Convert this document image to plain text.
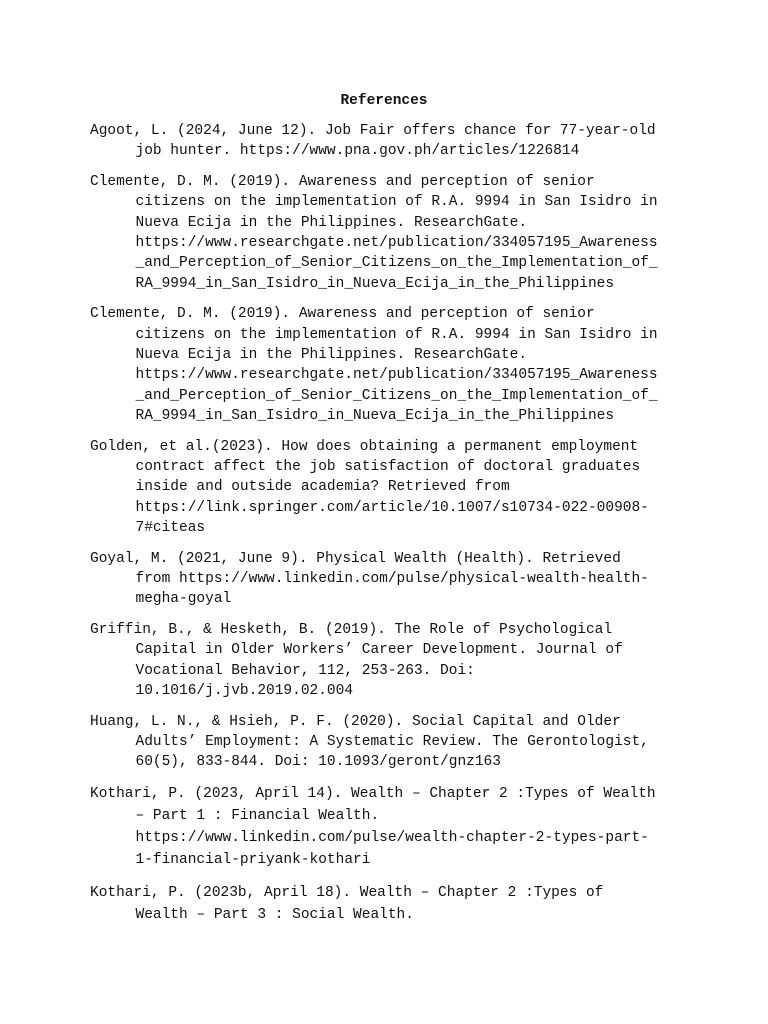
References
Agoot, L. (2024, June 12). Job Fair offers chance for 77-year-old
job hunter. https://www.pna.gov.ph/articles/1226814
Clemente, D. M. (2019). Awareness and perception of senior
citizens on the implementation of R.A. 9994 in San Isidro in
Nueva Ecija in the Philippines. ResearchGate.
https://www.researchgate.net/publication/334057195_Awareness
_and_Perception_of_Senior_Citizens_on_the_Implementation_of_
RA_9994_in_San_Isidro_in_Nueva_Ecija_in_the_Philippines
Clemente, D. M. (2019). Awareness and perception of senior
citizens on the implementation of R.A. 9994 in San Isidro in
Nueva Ecija in the Philippines. ResearchGate.
https://www.researchgate.net/publication/334057195_Awareness
_and_Perception_of_Senior_Citizens_on_the_Implementation_of_
RA_9994_in_San_Isidro_in_Nueva_Ecija_in_the_Philippines
Golden, et al.(2023). How does obtaining a permanent employment
contract affect the job satisfaction of doctoral graduates
inside and outside academia? Retrieved from
https://link.springer.com/article/10.1007/s10734-022-00908-
7#citeas
Goyal, M. (2021, June 9). Physical Wealth (Health). Retrieved
from https://www.linkedin.com/pulse/physical-wealth-health-
megha-goyal
Griffin, B., & Hesketh, B. (2019). The Role of Psychological
Capital in Older Workers’ Career Development. Journal of
Vocational Behavior, 112, 253-263. Doi:
10.1016/j.jvb.2019.02.004
Huang, L. N., & Hsieh, P. F. (2020). Social Capital and Older
Adults’ Employment: A Systematic Review. The Gerontologist,
60(5), 833-844. Doi: 10.1093/geront/gnz163
Kothari, P. (2023, April 14). Wealth – Chapter 2 :Types of Wealth
– Part 1 : Financial Wealth.
https://www.linkedin.com/pulse/wealth-chapter-2-types-part-
1-financial-priyank-kothari
Kothari, P. (2023b, April 18). Wealth – Chapter 2 :Types of
Wealth – Part 3 : Social Wealth.
